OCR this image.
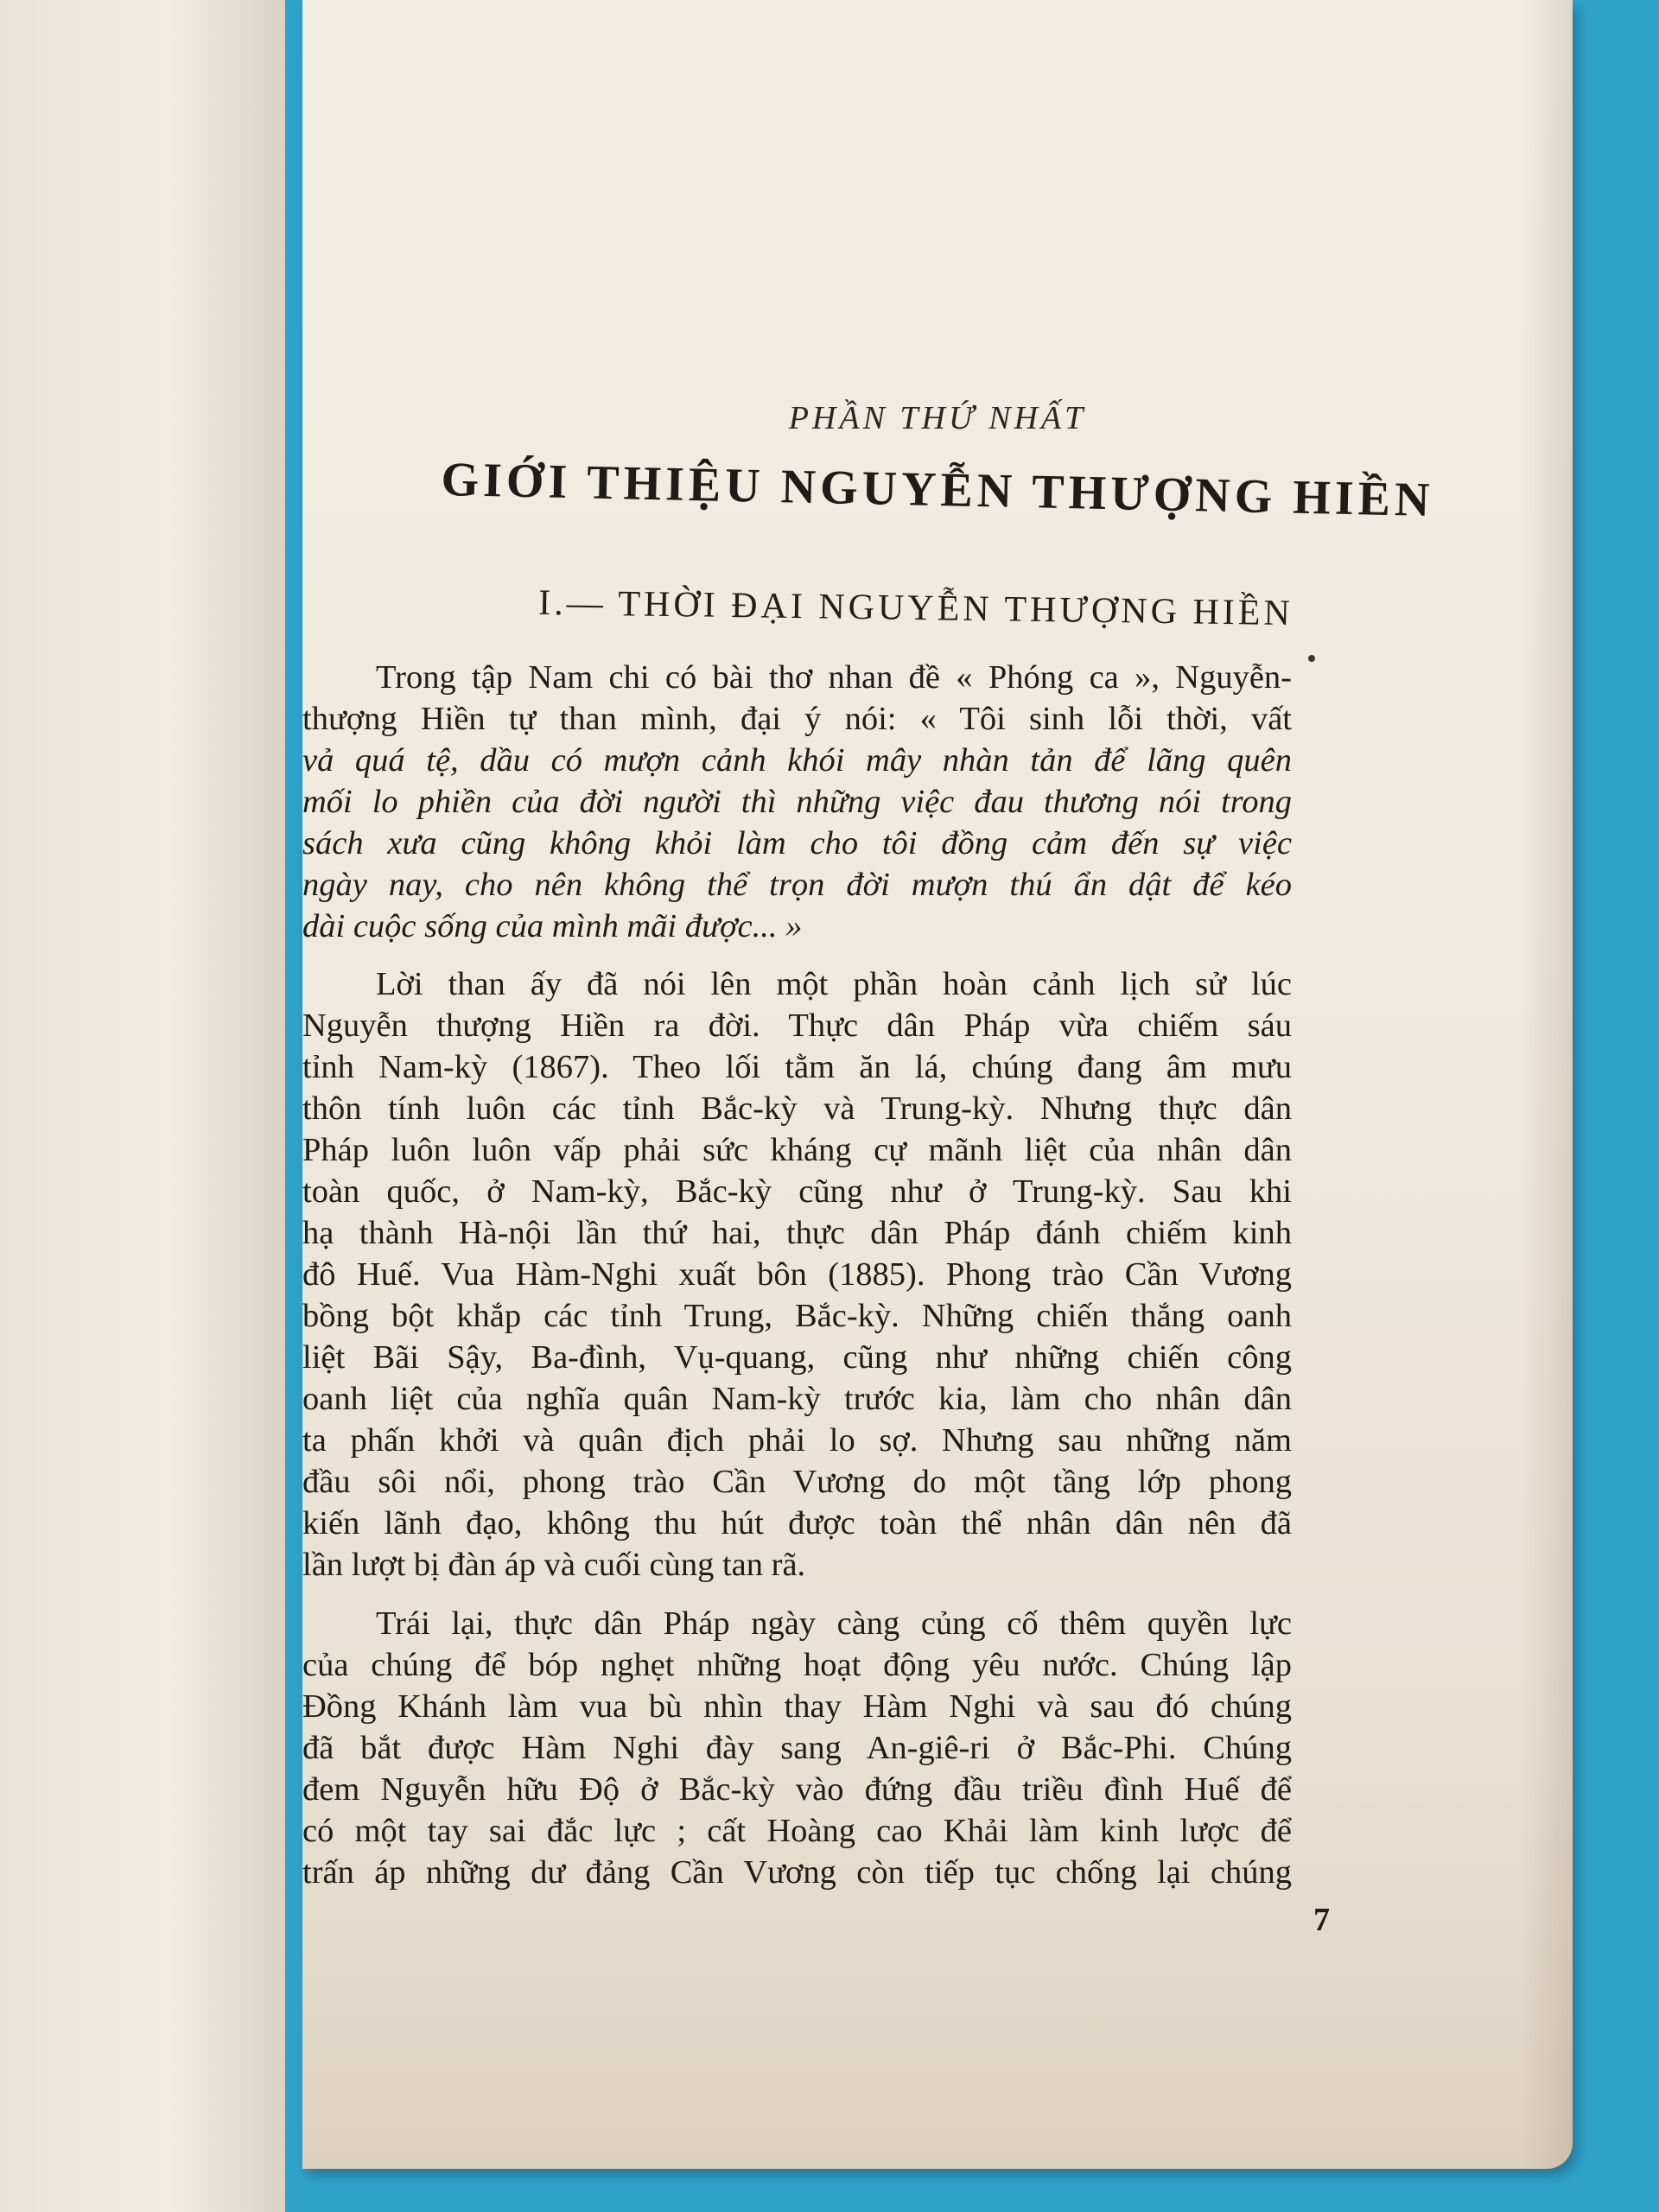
PHẦN THỨ NHẤT
GIỚI THIỆU NGUYỄN THƯỢNG HIỀN
I.— THỜI ĐẠI NGUYỄN THƯỢNG HIỀN
Trong tập Nam chi có bài thơ nhan đề « Phóng ca », Nguyễn-
thượng Hiền tự than mình, đại ý nói: « Tôi sinh lỗi thời, vất
vả quá tệ, dầu có mượn cảnh khói mây nhàn tản để lãng quên
mối lo phiền của đời người thì những việc đau thương nói trong
sách xưa cũng không khỏi làm cho tôi đồng cảm đến sự việc
ngày nay, cho nên không thể trọn đời mượn thú ẩn dật để kéo
dài cuộc sống của mình mãi được... »
Lời than ấy đã nói lên một phần hoàn cảnh lịch sử lúc
Nguyễn thượng Hiền ra đời. Thực dân Pháp vừa chiếm sáu
tỉnh Nam-kỳ (1867). Theo lối tằm ăn lá, chúng đang âm mưu
thôn tính luôn các tỉnh Bắc-kỳ và Trung-kỳ. Nhưng thực dân
Pháp luôn luôn vấp phải sức kháng cự mãnh liệt của nhân dân
toàn quốc, ở Nam-kỳ, Bắc-kỳ cũng như ở Trung-kỳ. Sau khi
hạ thành Hà-nội lần thứ hai, thực dân Pháp đánh chiếm kinh
đô Huế. Vua Hàm-Nghi xuất bôn (1885). Phong trào Cần Vương
bồng bột khắp các tỉnh Trung, Bắc-kỳ. Những chiến thắng oanh
liệt Bãi Sậy, Ba-đình, Vụ-quang, cũng như những chiến công
oanh liệt của nghĩa quân Nam-kỳ trước kia, làm cho nhân dân
ta phấn khởi và quân địch phải lo sợ. Nhưng sau những năm
đầu sôi nổi, phong trào Cần Vương do một tầng lớp phong
kiến lãnh đạo, không thu hút được toàn thể nhân dân nên đã
lần lượt bị đàn áp và cuối cùng tan rã.
Trái lại, thực dân Pháp ngày càng củng cố thêm quyền lực
của chúng để bóp nghẹt những hoạt động yêu nước. Chúng lập
Đồng Khánh làm vua bù nhìn thay Hàm Nghi và sau đó chúng
đã bắt được Hàm Nghi đày sang An-giê-ri ở Bắc-Phi. Chúng
đem Nguyễn hữu Độ ở Bắc-kỳ vào đứng đầu triều đình Huế để
có một tay sai đắc lực ; cất Hoàng cao Khải làm kinh lược để
trấn áp những dư đảng Cần Vương còn tiếp tục chống lại chúng
7
